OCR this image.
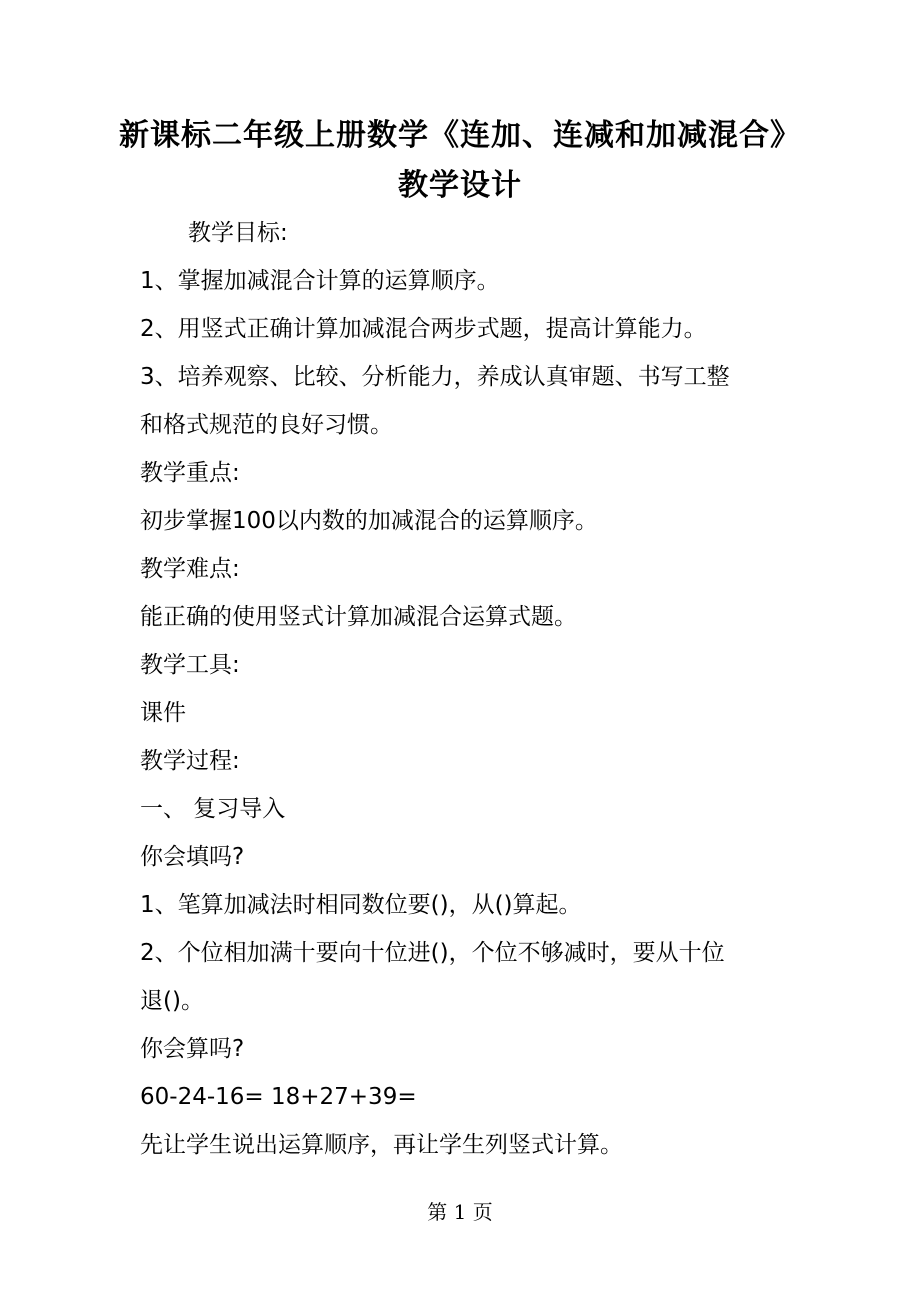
新课标二年级上册数学《连加、连减和加减混合》
教学设计
教学目标:
1、掌握加减混合计算的运算顺序。
2、用竖式正确计算加减混合两步式题，提高计算能力。
3、培养观察、比较、分析能力，养成认真审题、书写工整
和格式规范的良好习惯。
教学重点:
初步掌握100以内数的加减混合的运算顺序。
教学难点:
能正确的使用竖式计算加减混合运算式题。
教学工具:
课件
教学过程:
一、 复习导入
你会填吗?
1、笔算加减法时相同数位要()，从()算起。
2、个位相加满十要向十位进()，个位不够减时，要从十位
退()。
你会算吗?
60-24-16= 18+27+39=
先让学生说出运算顺序，再让学生列竖式计算。
第 1 页
